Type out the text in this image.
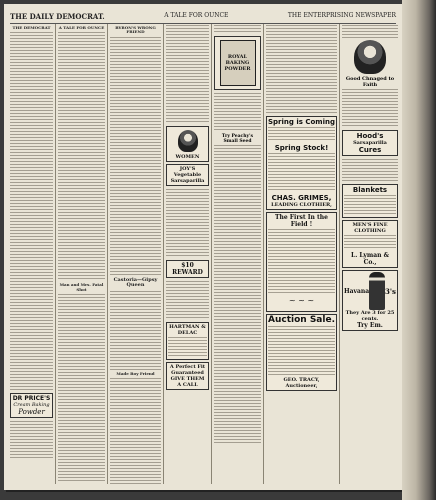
THE DAILY DEMOCRAT.	A TALE FOR OUNCE	THE ENTERPRISING NEWSPAPER
THE DEMOCRAT
DR PRICE'S
Cream Baking
Powder
A TALE FOR OUNCE
Man and Mrs. Fatal Shot
BYRON'S WRONG FRIEND
Castoria—Gipsy Queen
Made Boy Friend
WOMEN
JOY'S Vegetable Sarsaparilla
$10 REWARD
HARTMAN & DELAC
A Perfect Fit Guaranteed
GIVE THEM A CALL
ROYAL
BAKING
POWDER
Try Peachy's Small Seed
Spring is Coming
Spring Stock!
CHAS. GRIMES,
LEADING CLOTHIER,
The First In the Field !
~ ~ ~
Auction Sale.
GEO. TRACY, Auctioneer,
Good Chnaged to Faith
Hood's
Sarsaparilla
Cures
Blankets
MEN'S FINE CLOTHING
L. Lyman & Co.,
Havana 3's
They Are 3 for 25 cents.
Try Em.
